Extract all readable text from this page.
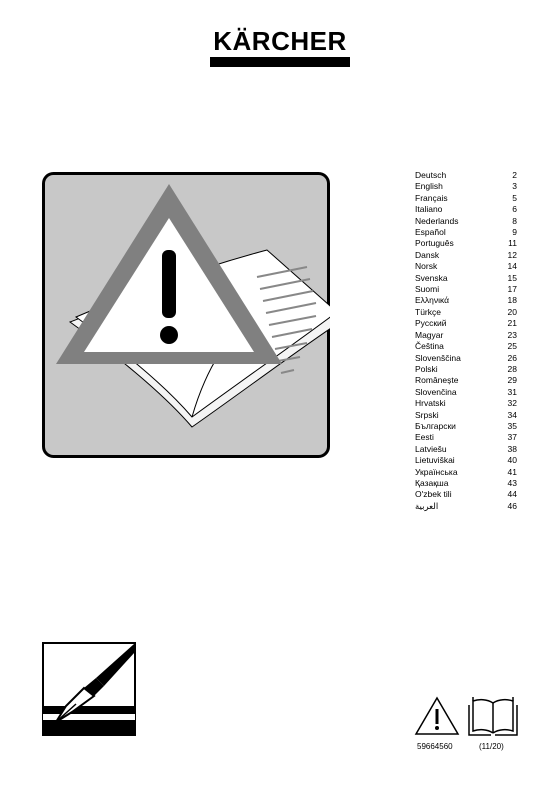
KÄRCHER
Deutsch	2
English	3
Français	5
Italiano	6
Nederlands	8
Español	9
Português	11
Dansk	12
Norsk	14
Svenska	15
Suomi	17
Ελληνικά	18
Türkçe	20
Русский	21
Magyar	23
Čeština	25
Slovenščina	26
Polski	28
Românește	29
Slovenčina	31
Hrvatski	32
Srpski	34
Български	35
Eesti	37
Latviešu	38
Lietuviškai	40
Українська	41
Қазақша	43
O'zbek tili	44
العربية	46
59664560	(11/20)
